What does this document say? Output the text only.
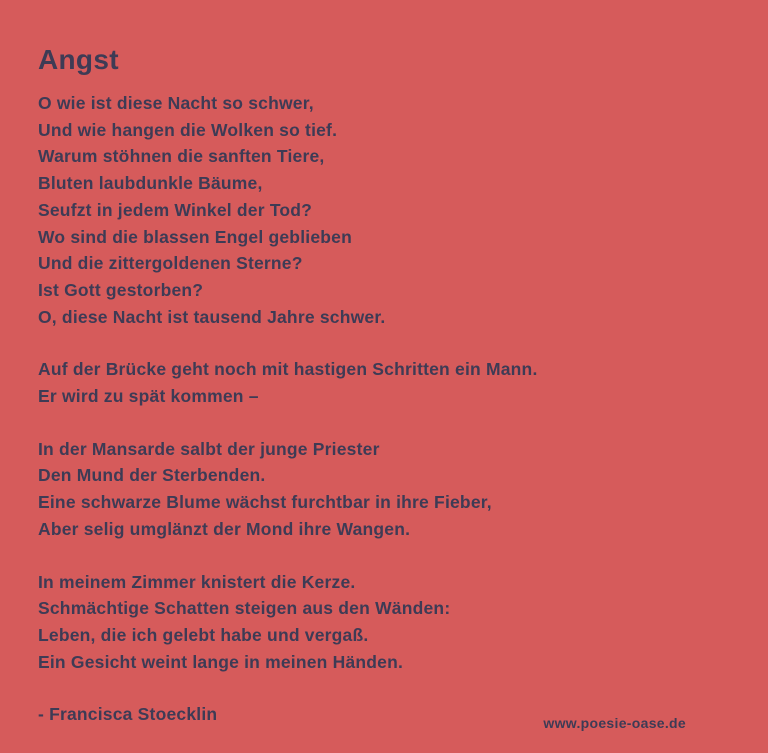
Angst
O wie ist diese Nacht so schwer,
Und wie hangen die Wolken so tief.
Warum stöhnen die sanften Tiere,
Bluten laubdunkle Bäume,
Seufzt in jedem Winkel der Tod?
Wo sind die blassen Engel geblieben
Und die zittergoldenen Sterne?
Ist Gott gestorben?
O, diese Nacht ist tausend Jahre schwer.
Auf der Brücke geht noch mit hastigen Schritten ein Mann.
Er wird zu spät kommen –
In der Mansarde salbt der junge Priester
Den Mund der Sterbenden.
Eine schwarze Blume wächst furchtbar in ihre Fieber,
Aber selig umglänzt der Mond ihre Wangen.
In meinem Zimmer knistert die Kerze.
Schmächtige Schatten steigen aus den Wänden:
Leben, die ich gelebt habe und vergaß.
Ein Gesicht weint lange in meinen Händen.
- Francisca Stoecklin	www.poesie-oase.de
